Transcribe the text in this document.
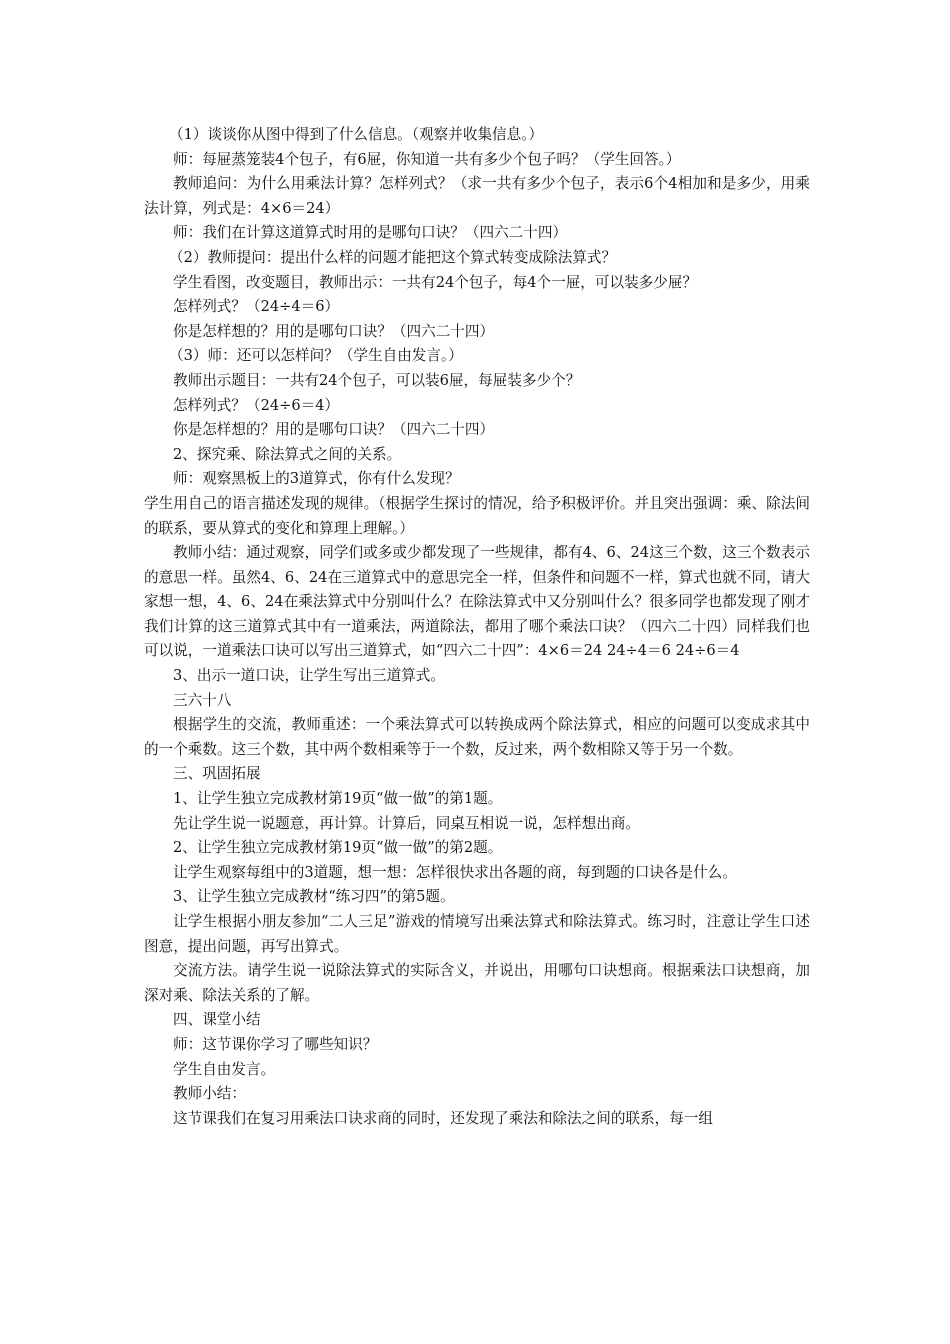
（1）谈谈你从图中得到了什么信息。（观察并收集信息。）

师：每屉蒸笼装4个包子，有6屉，你知道一共有多少个包子吗？（学生回答。）

教师追问：为什么用乘法计算？怎样列式？（求一共有多少个包子，表示6个4相加和是多少，用乘法计算，列式是：4×6＝24）

师：我们在计算这道算式时用的是哪句口诀？（四六二十四）

（2）教师提问：提出什么样的问题才能把这个算式转变成除法算式？

学生看图，改变题目，教师出示：一共有24个包子，每4个一屉，可以装多少屉？

怎样列式？（24÷4＝6）

你是怎样想的？用的是哪句口诀？（四六二十四）

（3）师：还可以怎样问？（学生自由发言。）

教师出示题目：一共有24个包子，可以装6屉，每屉装多少个？

怎样列式？（24÷6＝4）

你是怎样想的？用的是哪句口诀？（四六二十四）

2、探究乘、除法算式之间的关系。

师：观察黑板上的3道算式，你有什么发现？

学生用自己的语言描述发现的规律。（根据学生探讨的情况，给予积极评价。并且突出强调：乘、除法间的联系，要从算式的变化和算理上理解。）

教师小结：通过观察，同学们或多或少都发现了一些规律，都有4、6、24这三个数，这三个数表示的意思一样。虽然4、6、24在三道算式中的意思完全一样，但条件和问题不一样，算式也就不同，请大家想一想，4、6、24在乘法算式中分别叫什么？在除法算式中又分别叫什么？很多同学也都发现了刚才我们计算的这三道算式其中有一道乘法，两道除法，都用了哪个乘法口诀？（四六二十四）同样我们也可以说，一道乘法口诀可以写出三道算式，如“四六二十四”：4×6＝24 24÷4＝6 24÷6＝4

3、出示一道口诀，让学生写出三道算式。

三六十八

根据学生的交流，教师重述：一个乘法算式可以转换成两个除法算式，相应的问题可以变成求其中的一个乘数。这三个数，其中两个数相乘等于一个数，反过来，两个数相除又等于另一个数。

三、巩固拓展

1、让学生独立完成教材第19页“做一做”的第1题。

先让学生说一说题意，再计算。计算后，同桌互相说一说，怎样想出商。

2、让学生独立完成教材第19页“做一做”的第2题。

让学生观察每组中的3道题，想一想：怎样很快求出各题的商，每到题的口诀各是什么。

3、让学生独立完成教材“练习四”的第5题。

让学生根据小朋友参加“二人三足”游戏的情境写出乘法算式和除法算式。练习时，注意让学生口述图意，提出问题，再写出算式。

交流方法。请学生说一说除法算式的实际含义，并说出，用哪句口诀想商。根据乘法口诀想商，加深对乘、除法关系的了解。

四、课堂小结

师：这节课你学习了哪些知识？

学生自由发言。

教师小结：

这节课我们在复习用乘法口诀求商的同时，还发现了乘法和除法之间的联系，每一组
